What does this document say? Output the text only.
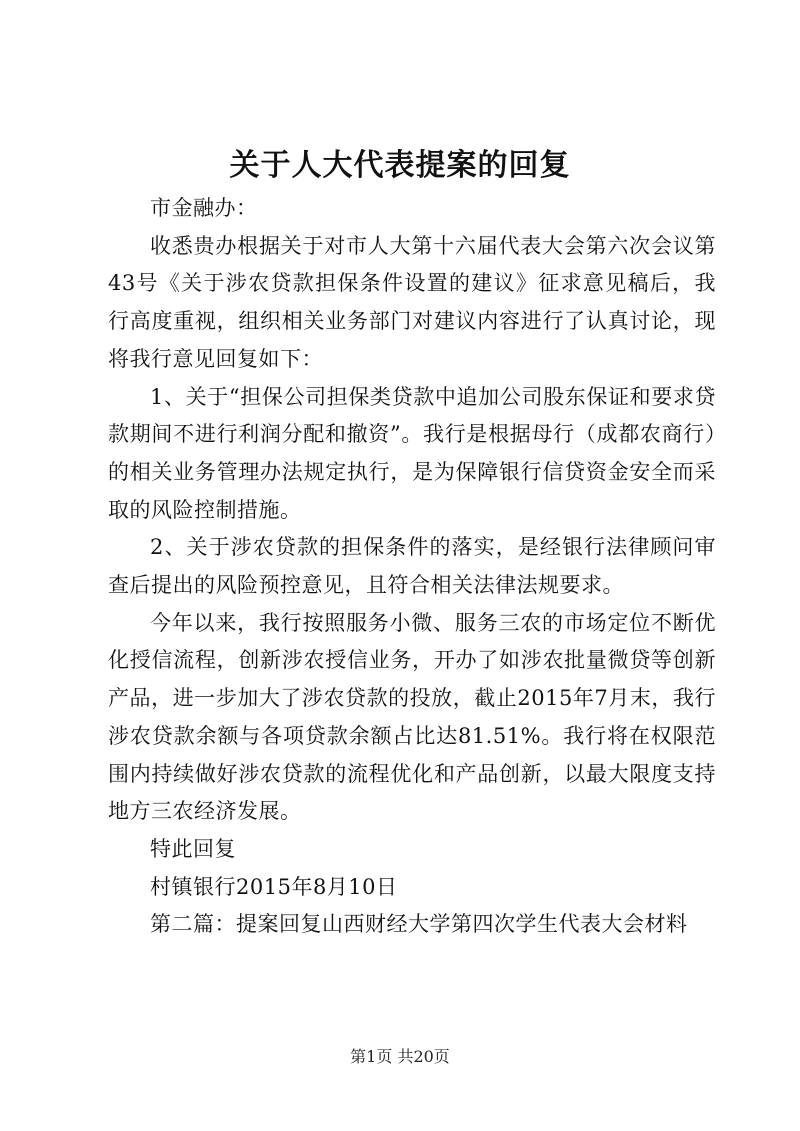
关于人大代表提案的回复

市金融办：

收悉贵办根据关于对市人大第十六届代表大会第六次会议第43号《关于涉农贷款担保条件设置的建议》征求意见稿后，我行高度重视，组织相关业务部门对建议内容进行了认真讨论，现将我行意见回复如下：

1、关于“担保公司担保类贷款中追加公司股东保证和要求贷款期间不进行利润分配和撤资”。我行是根据母行（成都农商行）的相关业务管理办法规定执行，是为保障银行信贷资金安全而采取的风险控制措施。

2、关于涉农贷款的担保条件的落实，是经银行法律顾问审查后提出的风险预控意见，且符合相关法律法规要求。

今年以来，我行按照服务小微、服务三农的市场定位不断优化授信流程，创新涉农授信业务，开办了如涉农批量微贷等创新产品，进一步加大了涉农贷款的投放，截止2015年7月末，我行涉农贷款余额与各项贷款余额占比达81.51%。我行将在权限范围内持续做好涉农贷款的流程优化和产品创新，以最大限度支持地方三农经济发展。

特此回复

村镇银行2015年8月10日

第二篇：提案回复山西财经大学第四次学生代表大会材料

第1页 共20页
